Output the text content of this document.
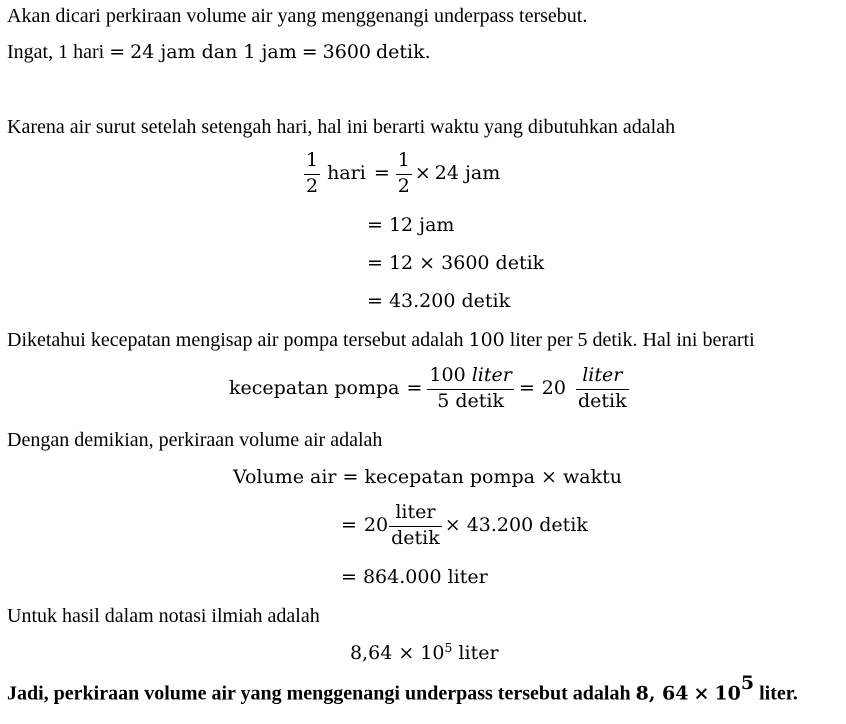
Akan dicari perkiraan volume air yang menggenangi underpass tersebut.
Ingat, 1 hari = 24 jam dan 1 jam = 3600 detik.
Karena air surut setelah setengah hari, hal ini berarti waktu yang dibutuhkan adalah
$\frac{1}{2}$ hari = $\frac{1}{2} \times 24$ jam
= 12 jam
= 12 × 3600 detik
= 43.200 detik
Diketahui kecepatan mengisap air pompa tersebut adalah 100 liter per 5 detik. Hal ini berarti
kecepatan pompa = $\frac{\text{100 liter}}{\text{5 detik}} = 20 \frac{\text{liter}}{\text{detik}}$
Dengan demikian, perkiraan volume air adalah
Volume air = kecepatan pompa × waktu
= $20 \frac{\text{liter}}{\text{detik}} \times 43.200$ detik
= 864.000 liter
Untuk hasil dalam notasi ilmiah adalah
$8,64 \times 10^5$ liter
Jadi, perkiraan volume air yang menggenangi underpass tersebut adalah 8, $64 \times 10^5$ liter.
